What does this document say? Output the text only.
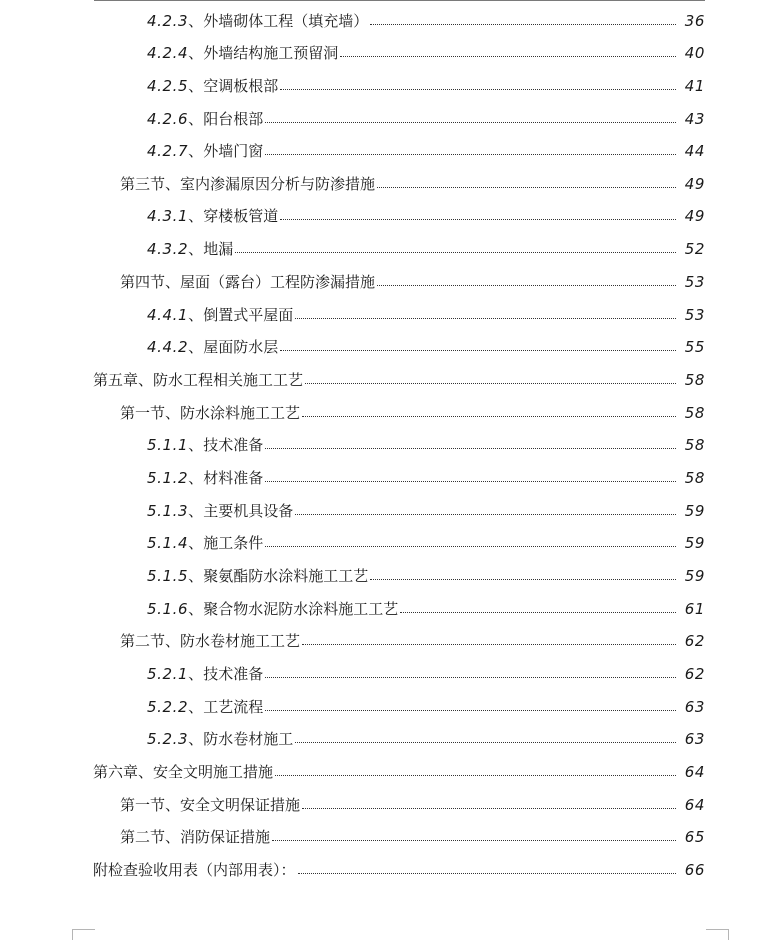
4.2.3 、 外墙砌体工程（填充墙）	36
4.2.4 、 外墙结构施工预留洞	40
4.2.5 、 空调板根部	41
4.2.6 、 阳台根部	43
4.2.7 、 外墙门窗	44
第三节、室内渗漏原因分析与防渗措施	49
4.3.1 、 穿楼板管道	49
4.3.2 、 地漏	52
第四节、屋面（露台）工程防渗漏措施	53
4.4.1 、 倒置式平屋面	53
4.4.2 、 屋面防水层	55
第五章、防水工程相关施工工艺	58
第一节、防水涂料施工工艺	58
5.1.1 、 技术准备	58
5.1.2 、 材料准备	58
5.1.3 、 主要机具设备	59
5.1.4 、 施工条件	59
5.1.5 、 聚氨酯防水涂料施工工艺	59
5.1.6 、 聚合物水泥防水涂料施工工艺	61
第二节、防水卷材施工工艺	62
5.2.1 、 技术准备	62
5.2.2 、 工艺流程	63
5.2.3 、 防水卷材施工	63
第六章、安全文明施工措施	64
第一节、安全文明保证措施	64
第二节、消防保证措施	65
附检查验收用表（内部用表）：	66
